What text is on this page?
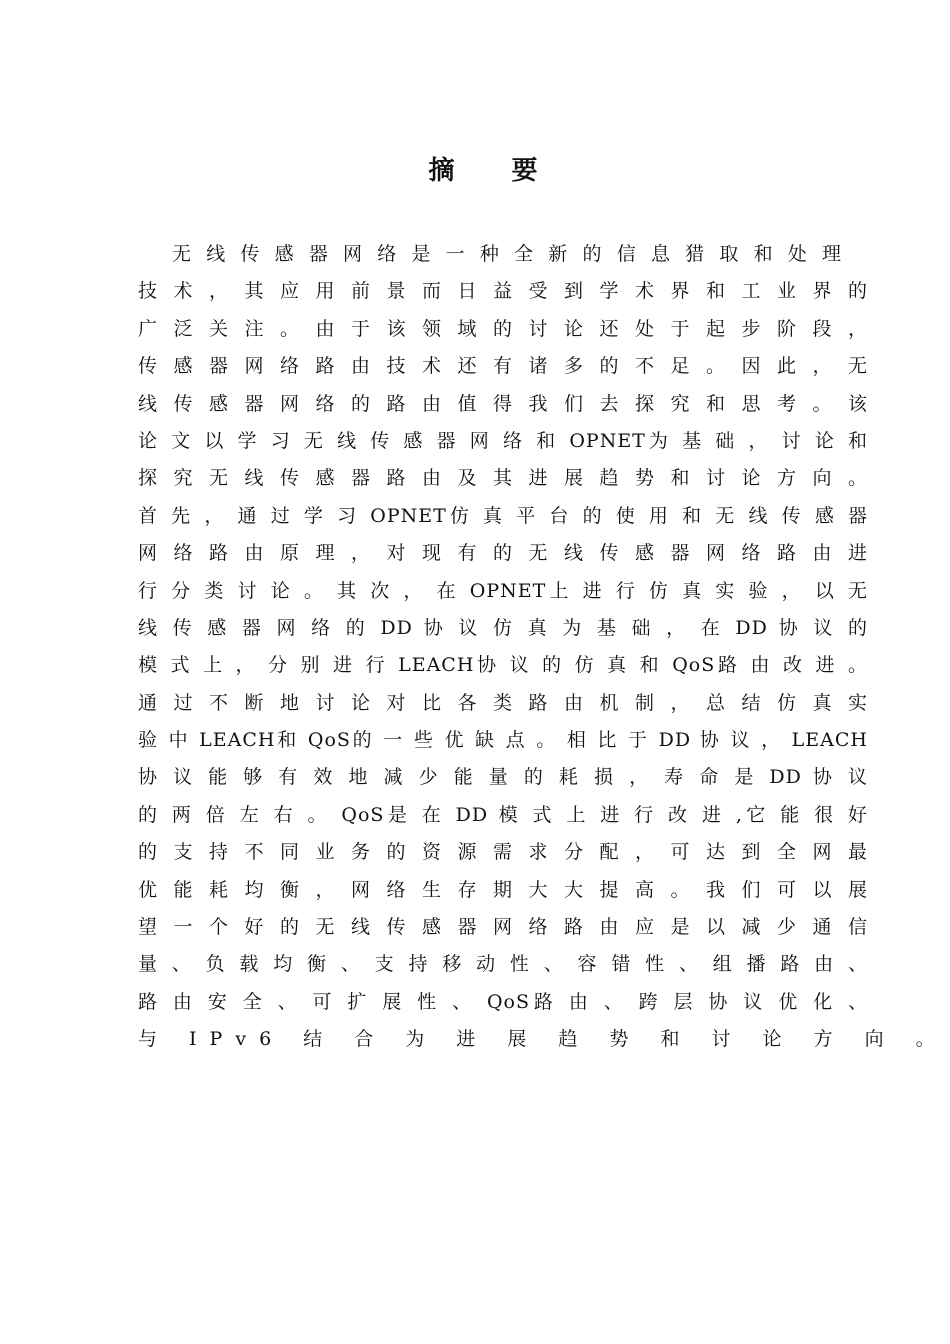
摘 要
无 线 传 感 器 网 络 是 一 种 全 新 的 信 息 猎 取 和 处 理
技 术 ， 其 应 用 前 景 而 日 益 受 到 学 术 界 和 工 业 界 的
广 泛 关 注 。 由 于 该 领 域 的 讨 论 还 处 于 起 步 阶 段 ，
传 感 器 网 络 路 由 技 术 还 有 诸 多 的 不 足 。 因 此 ， 无
线 传 感 器 网 络 的 路 由 值 得 我 们 去 探 究 和 思 考 。 该
论 文 以 学 习 无 线 传 感 器 网 络 和 OPNET为 基 础 ， 讨 论 和
探 究 无 线 传 感 器 路 由 及 其 进 展 趋 势 和 讨 论 方 向 。
首 先 ， 通 过 学 习 OPNET仿 真 平 台 的 使 用 和 无 线 传 感 器
网 络 路 由 原 理 ， 对 现 有 的 无 线 传 感 器 网 络 路 由 进
行 分 类 讨 论 。 其 次 ， 在 OPNET上 进 行 仿 真 实 验 ， 以 无
线 传 感 器 网 络 的 DD 协 议 仿 真 为 基 础 ， 在 DD 协 议 的
模 式 上 ， 分 别 进 行 LEACH协 议 的 仿 真 和 QoS路 由 改 进 。
通 过 不 断 地 讨 论 对 比 各 类 路 由 机 制 ， 总 结 仿 真 实
验 中 LEACH和 QoS的 一 些 优 缺 点 。 相 比 于 DD 协 议 ， LEACH
协 议 能 够 有 效 地 减 少 能 量 的 耗 损 ， 寿 命 是 DD 协 议
的 两 倍 左 右 。 QoS是 在 DD 模 式 上 进 行 改 进 ,它 能 很 好
的 支 持 不 同 业 务 的 资 源 需 求 分 配 ， 可 达 到 全 网 最
优 能 耗 均 衡 ， 网 络 生 存 期 大 大 提 高 。 我 们 可 以 展
望 一 个 好 的 无 线 传 感 器 网 络 路 由 应 是 以 减 少 通 信
量 、 负 载 均 衡 、 支 持 移 动 性 、 容 错 性 、 组 播 路 由 、
路 由 安 全 、 可 扩 展 性 、 QoS路 由 、 跨 层 协 议 优 化 、
与 IPv6 结 合 为 进 展 趋 势 和 讨 论 方 向 。
